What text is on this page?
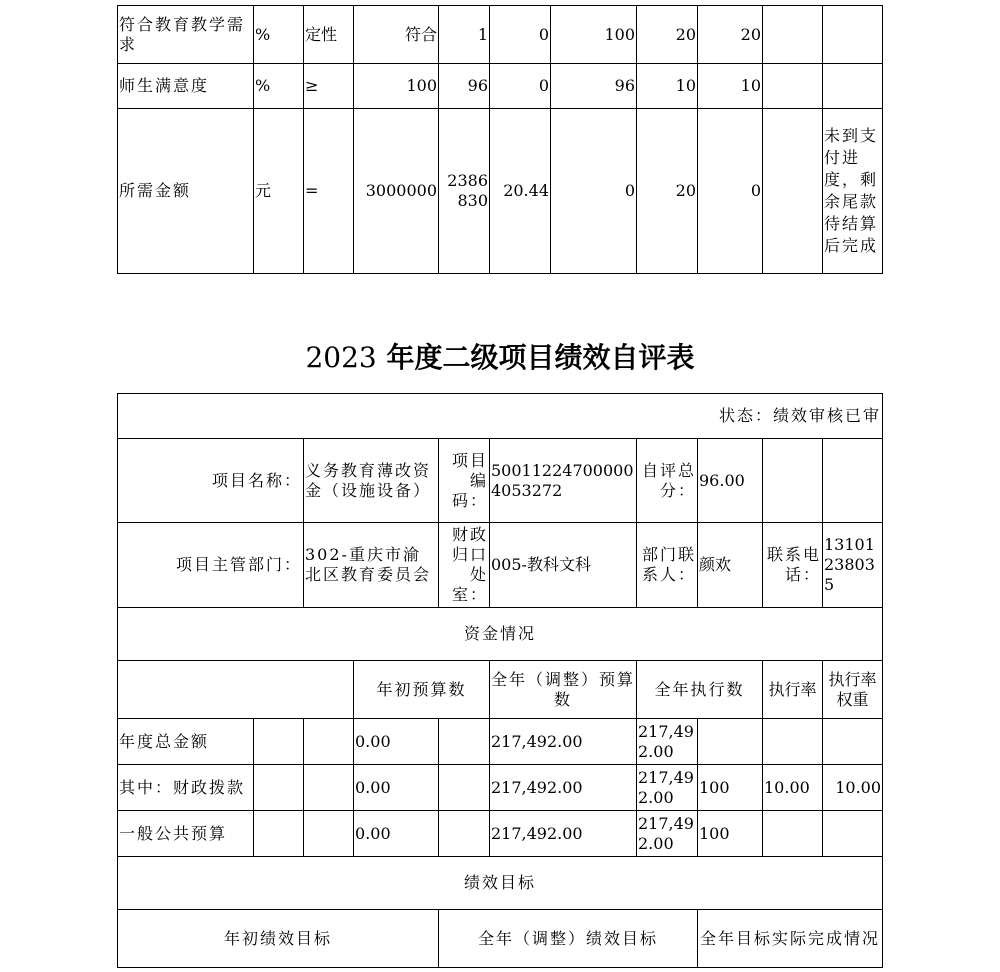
符合教育教学需求	%	定性	符合	1	0	100	20	20		
师生满意度	%	≥	100	96	0	96	10	10		
所需金额	元	=	3000000	2386830	20.44	0	20	0		未到支付进度，剩余尾款待结算后完成
2023 年度二级项目绩效自评表
状态：绩效审核已审									
项目名称：		义务教育薄改资金（设施设备）		项目编码：	500112247000004053272	自评总分：	96.00		
项目主管部门：		302-重庆市渝北区教育委员会		财政归口处室：	005-教科文科	部门联系人：	颜欢	联系电话：	13101238035
资金情况									
			年初预算数		全年（调整）预算数	全年执行数		执行率	执行率权重
年度总金额			0.00		217,492.00	217,492.00			
其中：财政拨款			0.00		217,492.00	217,492.00	100	10.00	10.00
一般公共预算			0.00		217,492.00	217,492.00	100		
绩效目标									
年初绩效目标				全年（调整）绩效目标			全年目标实际完成情况		
